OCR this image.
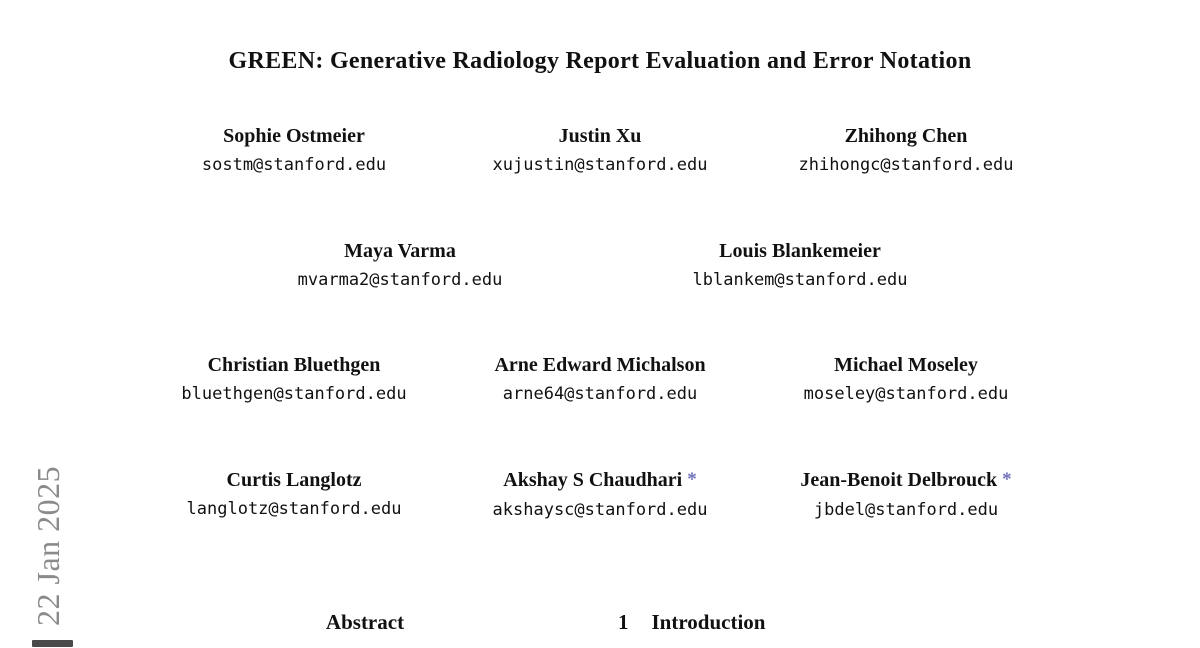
GREEN: Generative Radiology Report Evaluation and Error Notation
Sophie Ostmeier
sostm@stanford.edu
Justin Xu
xujustin@stanford.edu
Zhihong Chen
zhihongc@stanford.edu
Maya Varma
mvarma2@stanford.edu
Louis Blankemeier
lblankem@stanford.edu
Christian Bluethgen
bluethgen@stanford.edu
Arne Edward Michalson
arne64@stanford.edu
Michael Moseley
moseley@stanford.edu
Curtis Langlotz
langlotz@stanford.edu
Akshay S Chaudhari *
akshaysc@stanford.edu
Jean-Benoit Delbrouck *
jbdel@stanford.edu
Abstract	1 Introduction
22 Jan 2025
